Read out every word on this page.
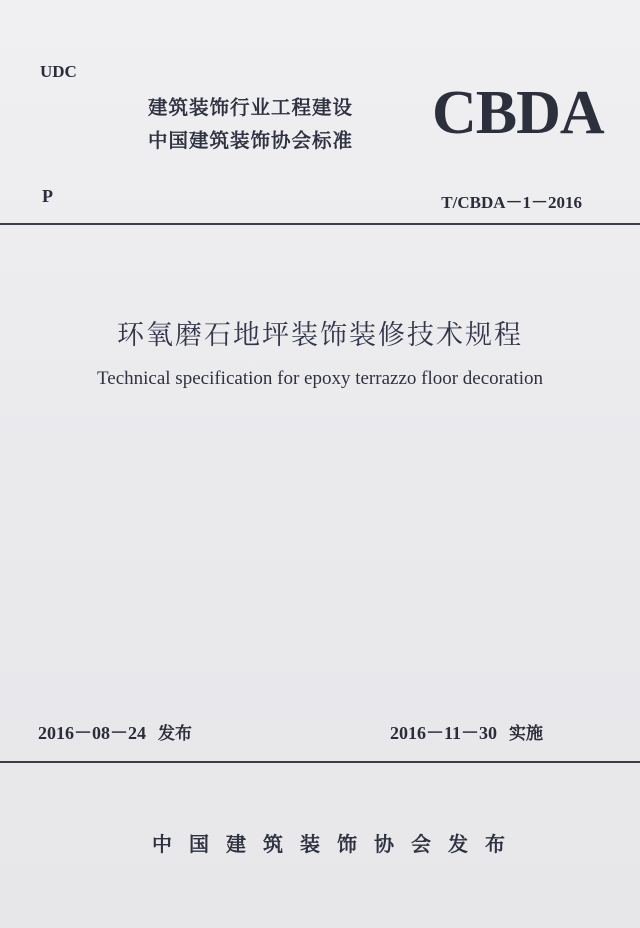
UDC
建筑装饰行业工程建设
中国建筑装饰协会标准 CBDA
P	T/CBDA－1－2016
环氧磨石地坪装饰装修技术规程
Technical specification for epoxy terrazzo floor decoration
2016－08－24 发布	2016－11－30 实施
中国建筑装饰协会发布
